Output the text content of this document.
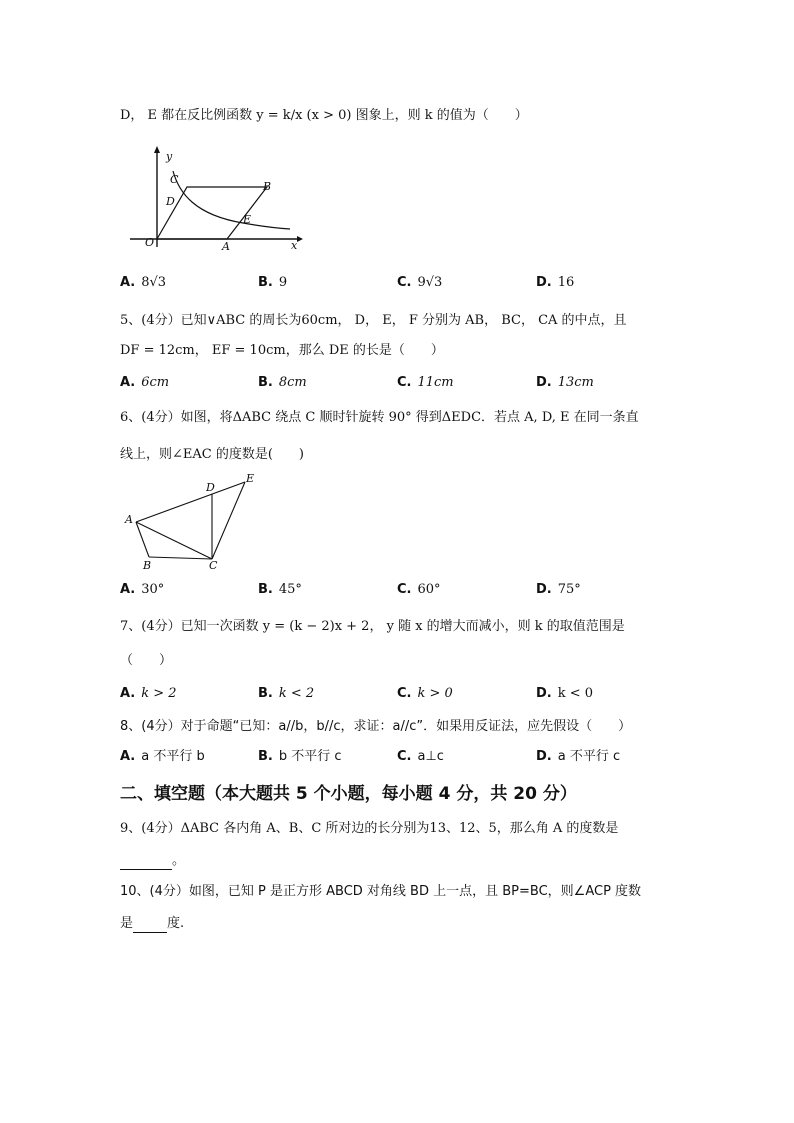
D， E 都在反比例函数 y = k/x (x > 0) 图象上，则 k 的值为（　　）
y
x
O	A
B
C
D
E
A. 8√3	B. 9	C. 9√3	D. 16
5、(4分）已知∨ABC 的周长为60cm， D， E， F 分别为 AB， BC， CA 的中点，且
DF = 12cm， EF = 10cm，那么 DE 的长是（　　）
A. 6cm	B. 8cm	C. 11cm	D. 13cm
6、(4分）如图，将ΔABC 绕点 C 顺时针旋转 90° 得到ΔEDC．若点 A, D, E 在同一条直
线上，则∠EAC 的度数是(　　)
A
B	C
D
E
A. 30°	B. 45°	C. 60°	D. 75°
7、(4分）已知一次函数 y = (k − 2)x + 2， y 随 x 的增大而减小，则 k 的取值范围是
（　　）
A. k > 2	B. k < 2	C. k > 0	D. k < 0
8、(4分）对于命题“已知：a//b，b//c，求证：a//c”．如果用反证法，应先假设（　　）
A. a 不平行 b	B. b 不平行 c	C. a⊥c	D. a 不平行 c
二、填空题（本大题共 5 个小题，每小题 4 分，共 20 分）
9、(4分）ΔABC 各内角 A、B、C 所对边的长分别为13、12、5，那么角 A 的度数是
。
10、(4分）如图，已知 P 是正方形 ABCD 对角线 BD 上一点，且 BP=BC，则∠ACP 度数
是	度.
